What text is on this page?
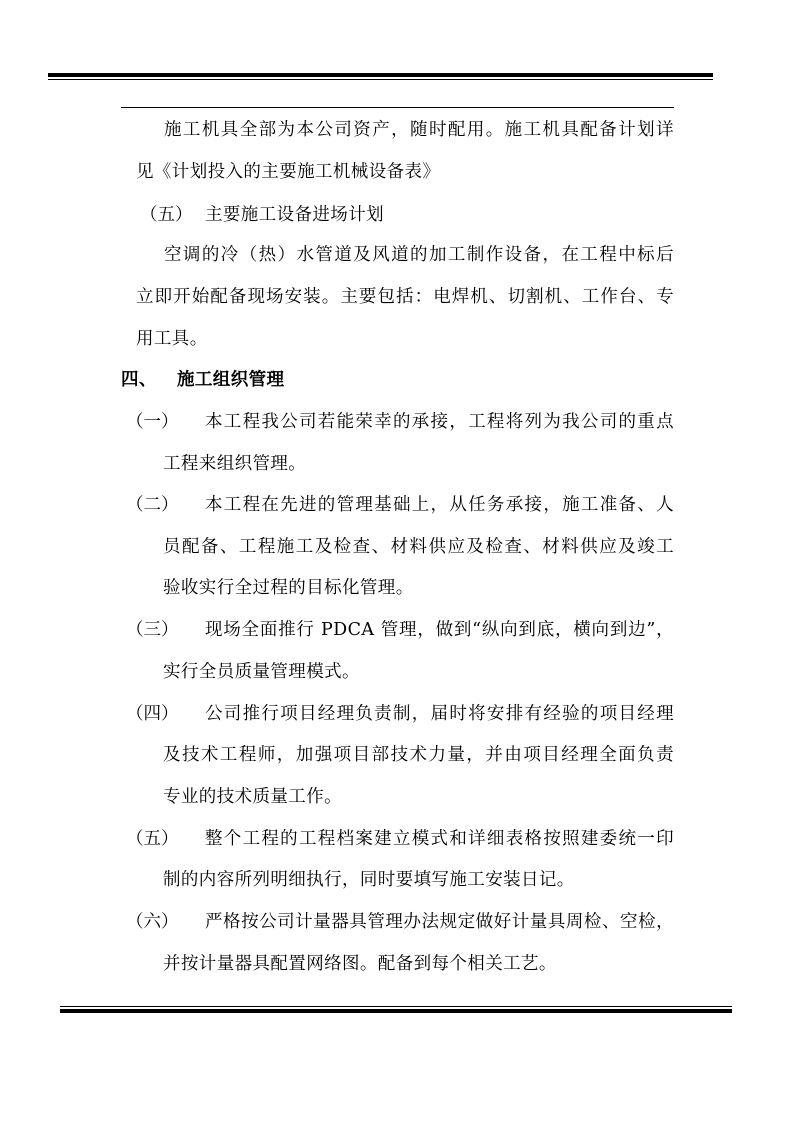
施工机具全部为本公司资产，随时配用。施工机具配备计划详
见《计划投入的主要施工机械设备表》
（五） 主要施工设备进场计划
空调的冷（热）水管道及风道的加工制作设备，在工程中标后
立即开始配备现场安装。主要包括：电焊机、切割机、工作台、专
用工具。
四、 施工组织管理
（一） 本工程我公司若能荣幸的承接，工程将列为我公司的重点
工程来组织管理。
（二） 本工程在先进的管理基础上，从任务承接，施工准备、人
员配备、工程施工及检查、材料供应及检查、材料供应及竣工
验收实行全过程的目标化管理。
（三） 现场全面推行 PDCA 管理，做到“纵向到底，横向到边”，
实行全员质量管理模式。
（四） 公司推行项目经理负责制，届时将安排有经验的项目经理
及技术工程师，加强项目部技术力量，并由项目经理全面负责
专业的技术质量工作。
（五） 整个工程的工程档案建立模式和详细表格按照建委统一印
制的内容所列明细执行，同时要填写施工安装日记。
（六） 严格按公司计量器具管理办法规定做好计量具周检、空检，
并按计量器具配置网络图。配备到每个相关工艺。
